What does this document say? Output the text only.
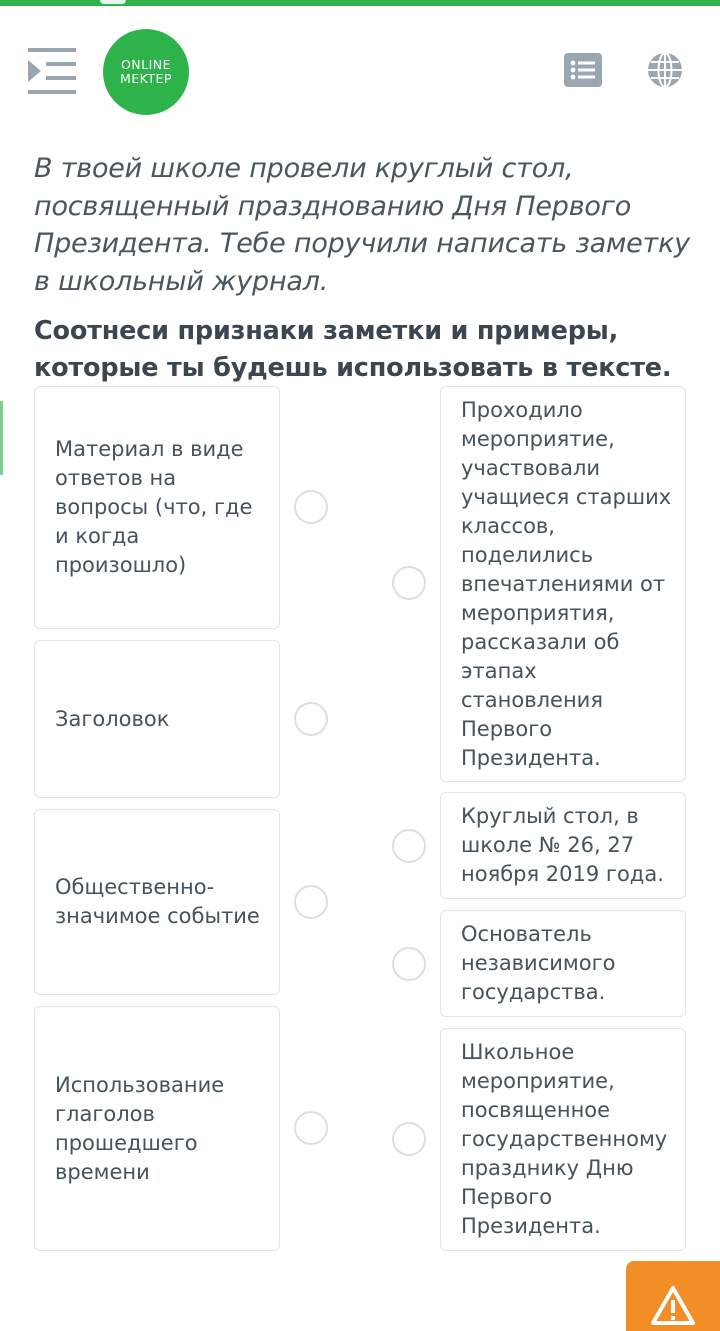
ONLINE
MEKTEP
В твоей школе провели круглый стол, посвященный празднованию Дня Первого Президента. Тебе поручили написать заметку в школьный журнал.
Соотнеси признаки заметки и примеры, которые ты будешь использовать в тексте.
Материал в виде ответов на вопросы (что, где и когда произошло)
Заголовок
Общественно-значимое событие
Использование глаголов прошедшего времени
Проходило мероприятие, участвовали учащиеся старших классов, поделились впечатлениями от мероприятия, рассказали об этапах становления Первого Президента.
Круглый стол, в школе № 26, 27 ноября 2019 года.
Основатель независимого государства.
Школьное мероприятие, посвященное государственному празднику Дню Первого Президента.
